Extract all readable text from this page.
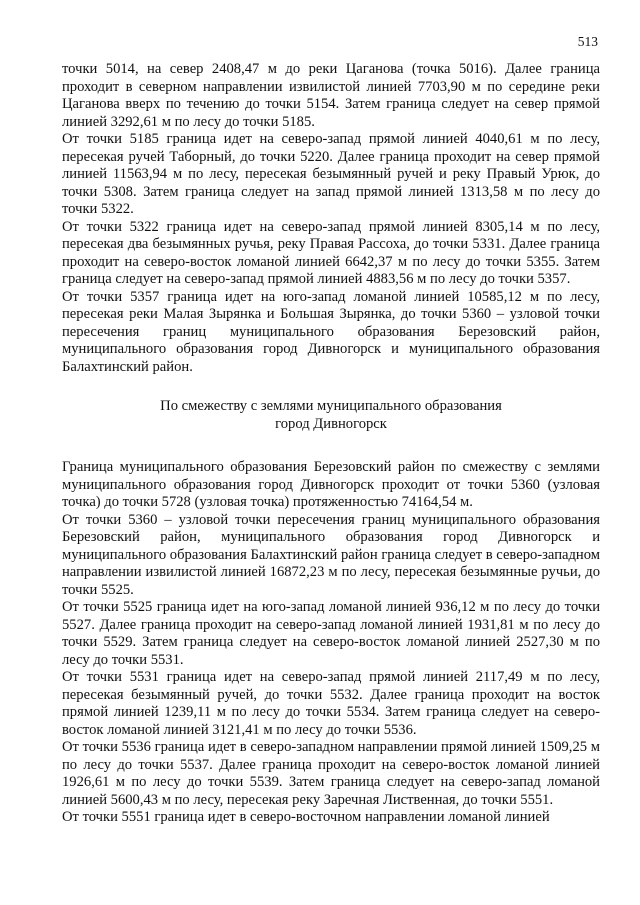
513

точки 5014, на север 2408,47 м до реки Цаганова (точка 5016). Далее граница проходит в северном направлении извилистой линией 7703,90 м по середине реки Цаганова вверх по течению до точки 5154. Затем граница следует на север прямой линией 3292,61 м по лесу до точки 5185.

От точки 5185 граница идет на северо-запад прямой линией 4040,61 м по лесу, пересекая ручей Таборный, до точки 5220. Далее граница проходит на север прямой линией 11563,94 м по лесу, пересекая безымянный ручей и реку Правый Урюк, до точки 5308. Затем граница следует на запад прямой линией 1313,58 м по лесу до точки 5322.

От точки 5322 граница идет на северо-запад прямой линией 8305,14 м по лесу, пересекая два безымянных ручья, реку Правая Рассоха, до точки 5331. Далее граница проходит на северо-восток ломаной линией 6642,37 м по лесу до точки 5355. Затем граница следует на северо-запад прямой линией 4883,56 м по лесу до точки 5357.

От точки 5357 граница идет на юго-запад ломаной линией 10585,12 м по лесу, пересекая реки Малая Зырянка и Большая Зырянка, до точки 5360 – узловой точки пересечения границ муниципального образования Березовский район, муниципального образования город Дивногорск и муниципального образования Балахтинский район.

По смежеству с землями муниципального образования
город Дивногорск

Граница муниципального образования Березовский район по смежеству с землями муниципального образования город Дивногорск проходит от точки 5360 (узловая точка) до точки 5728 (узловая точка) протяженностью 74164,54 м.

От точки 5360 – узловой точки пересечения границ муниципального образования Березовский район, муниципального образования город Дивногорск и муниципального образования Балахтинский район граница следует в северо-западном направлении извилистой линией 16872,23 м по лесу, пересекая безымянные ручьи, до точки 5525.

От точки 5525 граница идет на юго-запад ломаной линией 936,12 м по лесу до точки 5527. Далее граница проходит на северо-запад ломаной линией 1931,81 м по лесу до точки 5529. Затем граница следует на северо-восток ломаной линией 2527,30 м по лесу до точки 5531.

От точки 5531 граница идет на северо-запад прямой линией 2117,49 м по лесу, пересекая безымянный ручей, до точки 5532. Далее граница проходит на восток прямой линией 1239,11 м по лесу до точки 5534. Затем граница следует на северо-восток ломаной линией 3121,41 м по лесу до точки 5536.

От точки 5536 граница идет в северо-западном направлении прямой линией 1509,25 м по лесу до точки 5537. Далее граница проходит на северо-восток ломаной линией 1926,61 м по лесу до точки 5539. Затем граница следует на северо-запад ломаной линией 5600,43 м по лесу, пересекая реку Заречная Лиственная, до точки 5551.

От точки 5551 граница идет в северо-восточном направлении ломаной линией
